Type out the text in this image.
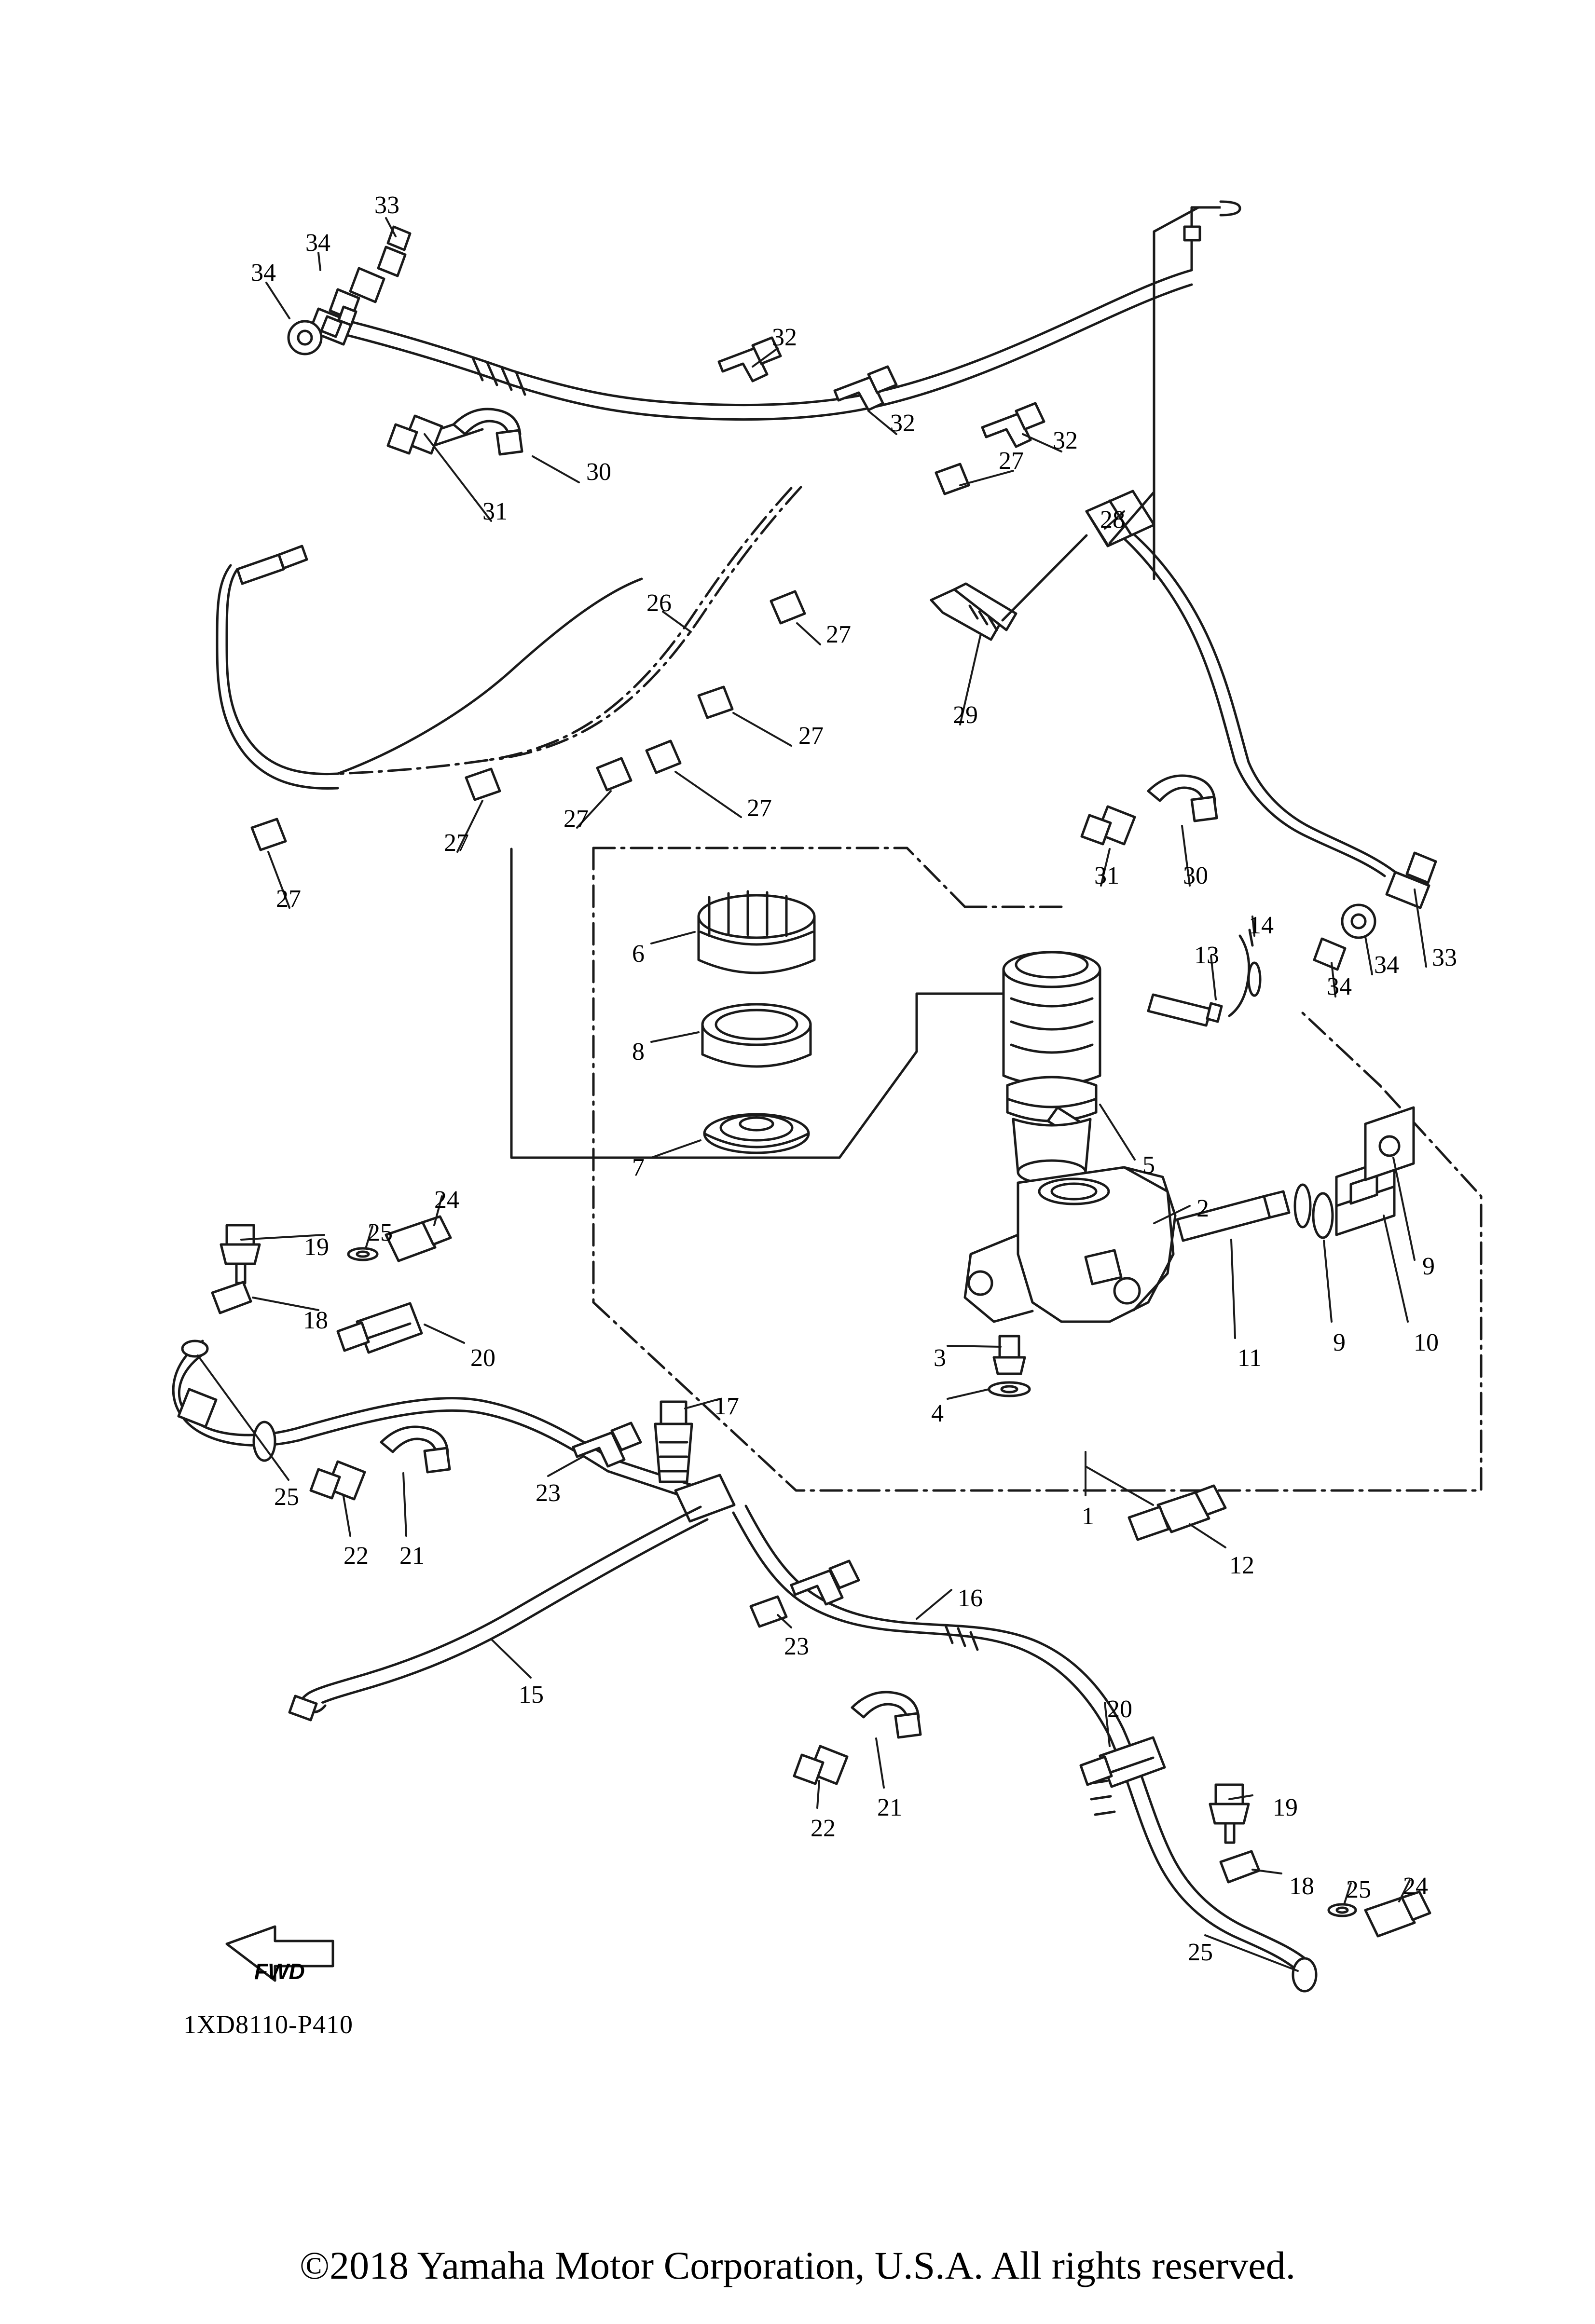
FWD
1XD8110-P410
©2018 Yamaha Motor Corporation, U.S.A. All rights reserved.
33
34
34
32
32
27
32
30
31	28
26
27
29
27
27
27
27
27
31	30
13
14
33
34
34
6
8
7	5
2
9
10
9
11
24
25
19
18
20	3
4
17
23
25
22 21
1
12
16
23
15
20
21
22
19
18 25 24
25
